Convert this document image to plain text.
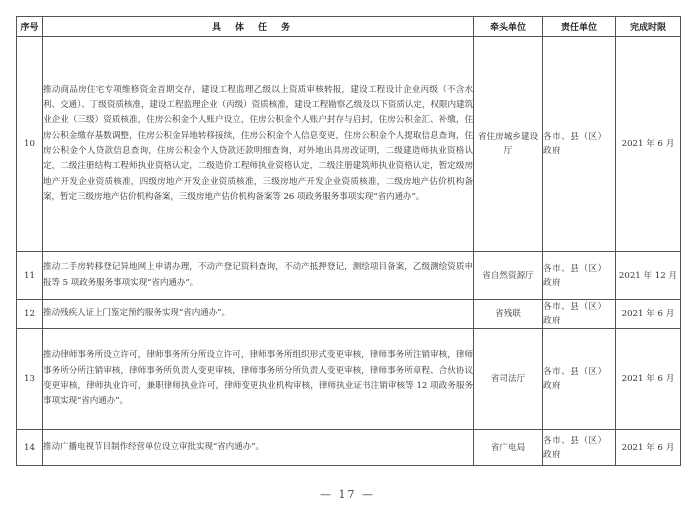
序号	具体任务	牵头单位	责任单位	完成时限
10	推动商品房住宅专项维修资金首期交存，建设工程监理乙级以上资质审核转报，建设工程设计企业丙级（不含水利、交通）、丁级资质核准，建设工程监理企业（丙级）资质核准，建设工程勘察乙级及以下资质认定，权限内建筑业企业（三级）资质核准，住房公积金个人账户设立，住房公积金个人账户封存与启封，住房公积金汇、补缴，住房公积金缴存基数调整，住房公积金异地转移接续，住房公积金个人信息变更，住房公积金个人提取信息查询，住房公积金个人贷款信息查询，住房公积金个人贷款还款明细查询，对外地出具房改证明，二级建造师执业资格认定，二级注册结构工程师执业资格认定，二级造价工程师执业资格认定，二级注册建筑师执业资格认定，暂定级房地产开发企业资质核准，四级房地产开发企业资质核准，三级房地产开发企业资质核准，二级房地产估价机构备案，暂定三级房地产估价机构备案，三级房地产估价机构备案等 26 项政务服务事项实现“省内通办”。	省住房城乡建设厅	各市、县（区）政府	2021 年 6 月
11	推动二手房转移登记异地网上申请办理，不动产登记资料查询，不动产抵押登记，测绘项目备案，乙级测绘资质申报等 5 项政务服务事项实现“省内通办”。	省自然资源厅	各市、县（区）政府	2021 年 12 月
12	推动残疾人证上门鉴定预约服务实现“省内通办”。	省残联	各市、县（区）政府	2021 年 6 月
13	推动律师事务所设立许可，律师事务所分所设立许可，律师事务所组织形式变更审核，律师事务所注销审核，律师事务所分所注销审核，律师事务所负责人变更审核，律师事务所分所负责人变更审核，律师事务所章程、合伙协议变更审核，律师执业许可，兼职律师执业许可，律师变更执业机构审核，律师执业证书注销审核等 12 项政务服务事项实现“省内通办”。	省司法厅	各市、县（区）政府	2021 年 6 月
14	推动广播电视节目制作经营单位设立审批实现“省内通办”。	省广电局	各市、县（区）政府	2021 年 6 月
— 17 —
